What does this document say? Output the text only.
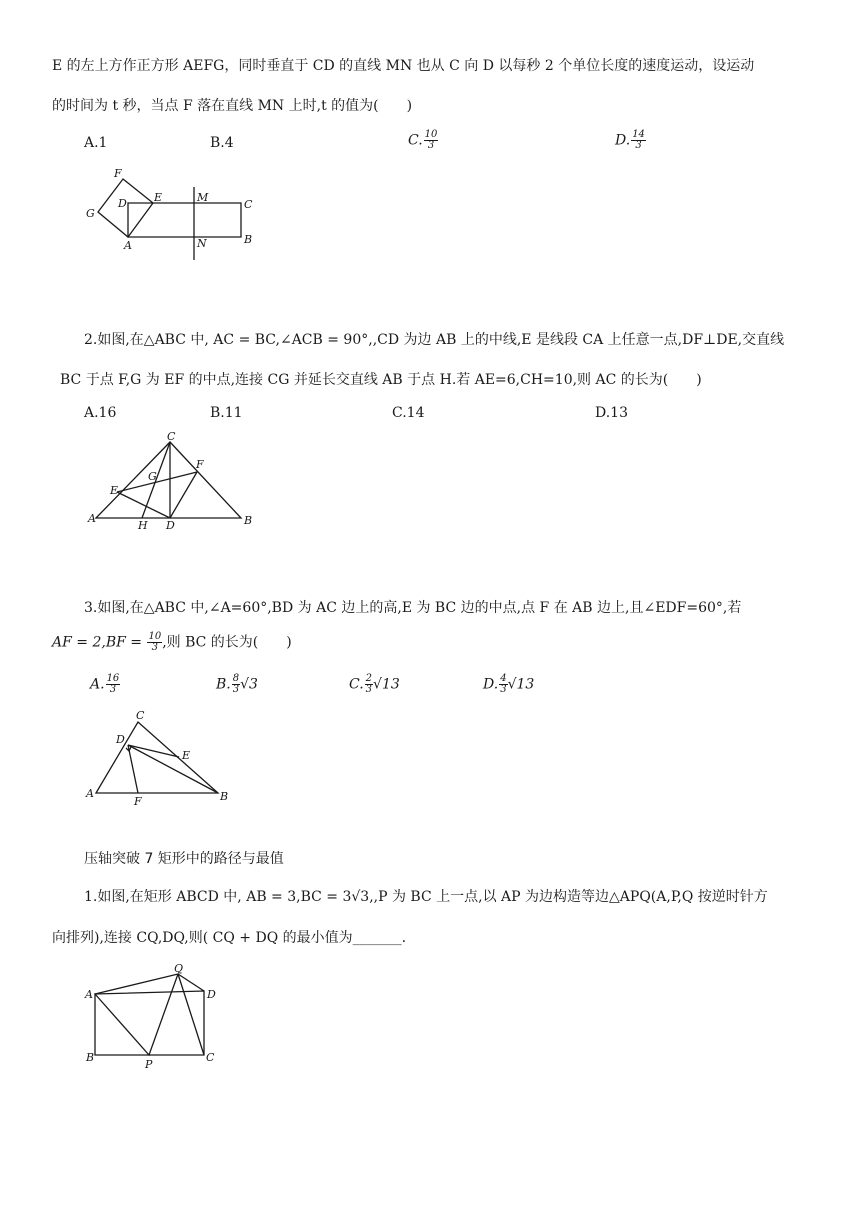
E 的左上方作正方形 AEFG，同时垂直于 CD 的直线 MN 也从 C 向 D 以每秒 2 个单位长度的速度运动，设运动
的时间为 t 秒，当点 F 落在直线 MN 上时,t 的值为(　　)
A.1	B.4	C. $\frac{10}{3}$	D. $\frac{14}{3}$
F
G
D E	M
C
A	N	B
2.如图,在△ABC 中, AC = BC,∠ACB = 90°,,CD 为边 AB 上的中线,E 是线段 CA 上任意一点,DF⊥DE,交直线
BC 于点 F,G 为 EF 的中点,连接 CG 并延长交直线 AB 于点 H.若 AE=6,CH=10,则 AC 的长为(　　)
A.16	B.11	C.14	D.13
C
G
F
E
A
H D	B
3.如图,在△ABC 中,∠A=60°,BD 为 AC 边上的高,E 为 BC 边的中点,点 F 在 AB 边上,且∠EDF=60°,若
AF = $2,BF = \frac{10}{3}$ ,则 BC 的长为(　　)
A. $\frac{16}{3}$	B. $\frac{8}{3} √3$	C. $\frac{2}{3} √13$	D. $\frac{4}{3} √13$
C
D
E
A
F	B
压轴突破 7 矩形中的路径与最值
1.如图,在矩形 ABCD 中, AB = 3,BC = 3√3,,P 为 BC 上一点,以 AP 为边构造等边△APQ(A,P,Q 按逆时针方
向排列),连接 CQ,DQ,则( CQ + DQ 的最小值为_______.
Q
A	D
B
P
C
